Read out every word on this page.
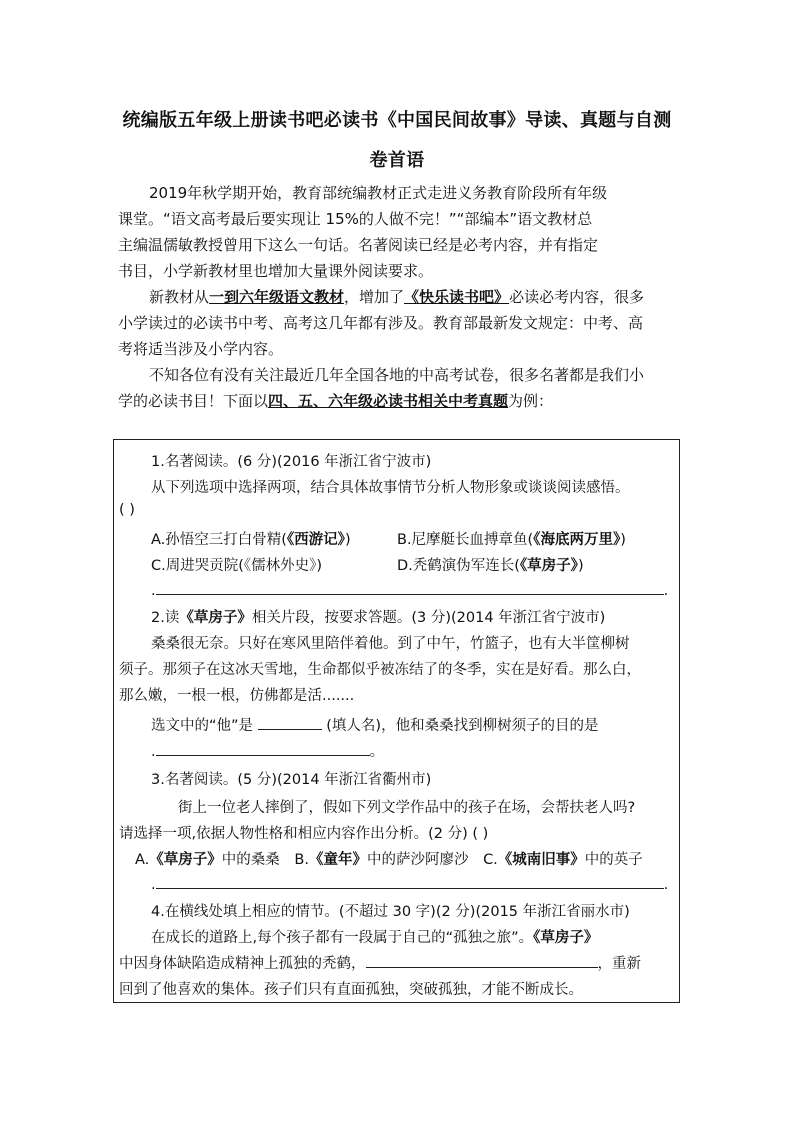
统编版五年级上册读书吧必读书《中国民间故事》导读、真题与自测
卷首语

2019年秋学期开始，教育部统编教材正式走进义务教育阶段所有年级

课堂。“语文高考最后要实现让 15%的人做不完！”“部编本”语文教材总
主编温儒敏教授曾用下这么一句话。名著阅读已经是必考内容，并有指定
书目，小学新教材里也增加大量课外阅读要求。

新教材从一到六年级语文教材，增加了《快乐读书吧》必读必考内容，很多

小学读过的必读书中考、高考这几年都有涉及。教育部最新发文规定：中考、高
考将适当涉及小学内容。

不知各位有没有关注最近几年全国各地的中高考试卷，很多名著都是我们小

学的必读书目！下面以四、五、六年级必读书相关中考真题为例：
1.名著阅读。(6 分)(2016 年浙江省宁波市)
从下列选项中选择两项，结合具体故事情节分析人物形象或谈谈阅读感悟。
( )
A.孙悟空三打白骨精(《西游记》)	B.尼摩艇长血搏章鱼(《海底两万里》)
C.周进哭贡院(《儒林外史》)	D.秃鹤演伪军连长(《草房子》)
.	.
2.读《草房子》相关片段，按要求答题。(3 分)(2014 年浙江省宁波市)
桑桑很无奈。只好在寒风里陪伴着他。到了中午，竹篮子，也有大半筐柳树
须子。那须子在这冰天雪地，生命都似乎被冻结了的冬季，实在是好看。那么白，
那么嫩，一根一根，仿佛都是活.......
选文中的“他”是	(填人名)，他和桑桑找到柳树须子的目的是
.	。
3.名著阅读。(5 分)(2014 年浙江省衢州市)
街上一位老人摔倒了，假如下列文学作品中的孩子在场，会帮扶老人吗?
请选择一项,依据人物性格和相应内容作出分析。(2 分) ( )
A.《草房子》中的桑桑 B.《童年》中的萨沙阿廖沙 C.《城南旧事》中的英子
.	.
4.在横线处填上相应的情节。(不超过 30 字)(2 分)(2015 年浙江省丽水市)
在成长的道路上,每个孩子都有一段属于自己的“孤独之旅”。《草房子》
中因身体缺陷造成精神上孤独的秃鹤，	，重新
回到了他喜欢的集体。孩子们只有直面孤独，突破孤独，才能不断成长。
